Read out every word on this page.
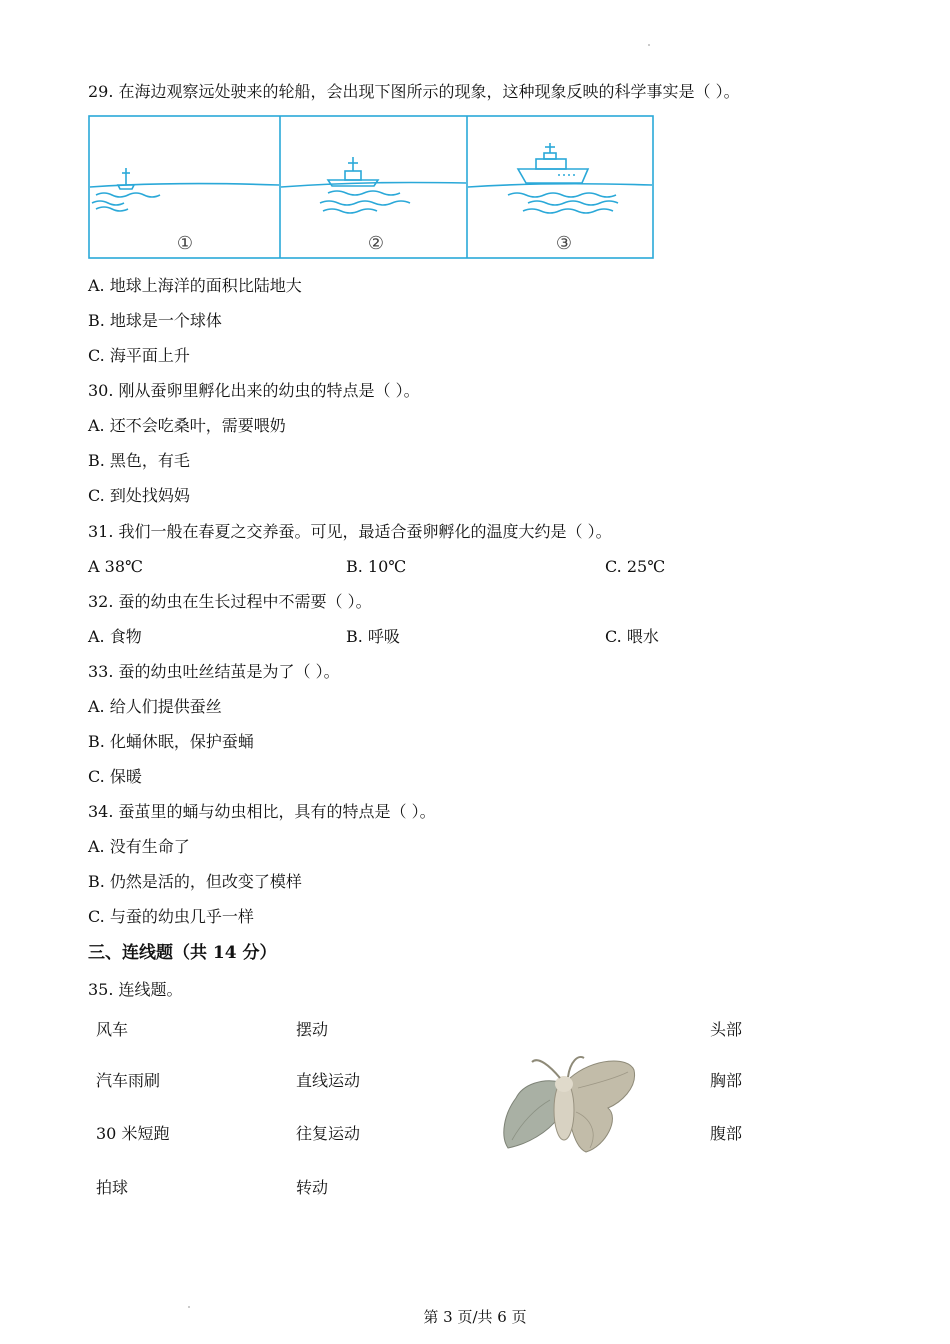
29. 在海边观察远处驶来的轮船，会出现下图所示的现象，这种现象反映的科学事实是（ ）。
①	②	③
A. 地球上海洋的面积比陆地大
B. 地球是一个球体
C. 海平面上升
30. 刚从蚕卵里孵化出来的幼虫的特点是（ ）。
A. 还不会吃桑叶，需要喂奶
B. 黑色，有毛
C. 到处找妈妈
31. 我们一般在春夏之交养蚕。可见，最适合蚕卵孵化的温度大约是（ ）。
A 38℃	B. 10℃	C. 25℃
32. 蚕的幼虫在生长过程中不需要（ ）。
A. 食物	B. 呼吸	C. 喂水
33. 蚕的幼虫吐丝结茧是为了（ ）。
A. 给人们提供蚕丝
B. 化蛹休眠，保护蚕蛹
C. 保暖
34. 蚕茧里的蛹与幼虫相比，具有的特点是（ ）。
A. 没有生命了
B. 仍然是活的，但改变了模样
C. 与蚕的幼虫几乎一样
三、连线题（共 14 分）
35. 连线题。
风车
汽车雨刷
30 米短跑
拍球
摆动
直线运动
往复运动
转动
头部
胸部
腹部
第 3 页/共 6 页
